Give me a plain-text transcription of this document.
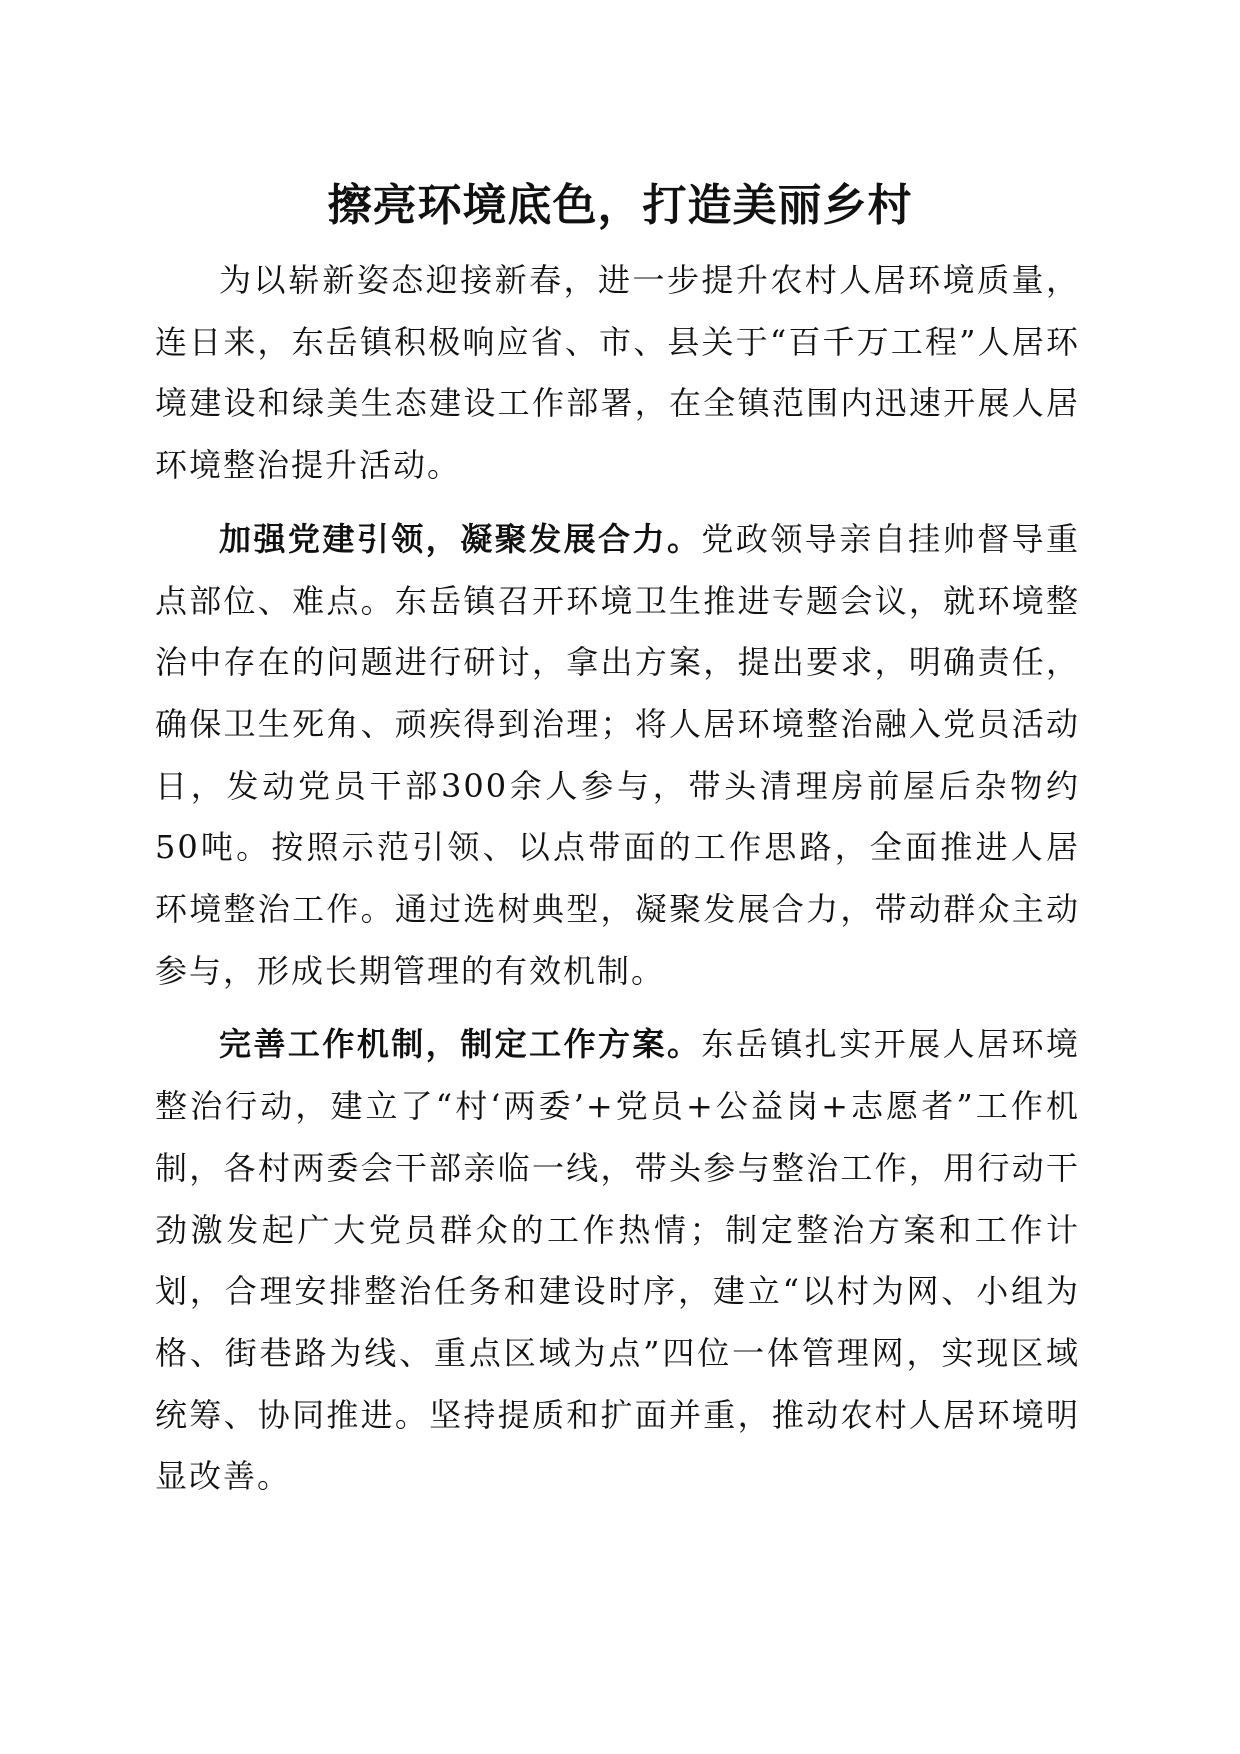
擦亮环境底色，打造美丽乡村

为以崭新姿态迎接新春，进一步提升农村人居环境质量，连日来，东岳镇积极响应省、市、县关于“百千万工程”人居环境建设和绿美生态建设工作部署，在全镇范围内迅速开展人居环境整治提升活动。

加强党建引领，凝聚发展合力。党政领导亲自挂帅督导重点部位、难点。东岳镇召开环境卫生推进专题会议，就环境整治中存在的问题进行研讨，拿出方案，提出要求，明确责任，确保卫生死角、顽疾得到治理；将人居环境整治融入党员活动日，发动党员干部300余人参与，带头清理房前屋后杂物约50吨。按照示范引领、以点带面的工作思路，全面推进人居环境整治工作。通过选树典型，凝聚发展合力，带动群众主动参与，形成长期管理的有效机制。

完善工作机制，制定工作方案。东岳镇扎实开展人居环境整治行动，建立了“村‘两委’+党员+公益岗+志愿者”工作机制，各村两委会干部亲临一线，带头参与整治工作，用行动干劲激发起广大党员群众的工作热情；制定整治方案和工作计划，合理安排整治任务和建设时序，建立“以村为网、小组为格、街巷路为线、重点区域为点”四位一体管理网，实现区域统筹、协同推进。坚持提质和扩面并重，推动农村人居环境明显改善。
